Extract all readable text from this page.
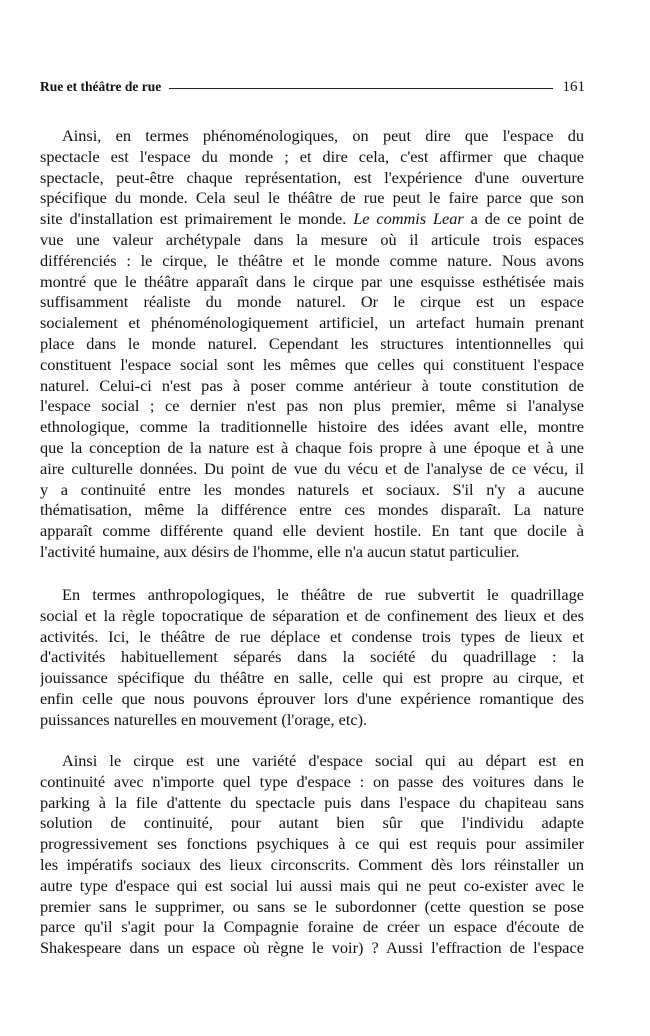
Rue et théâtre de rue	161
Ainsi, en termes phénoménologiques, on peut dire que l'espace du
spectacle est l'espace du monde ; et dire cela, c'est affirmer que chaque
spectacle, peut-être chaque représentation, est l'expérience d'une ouverture
spécifique du monde. Cela seul le théâtre de rue peut le faire parce que son
site d'installation est primairement le monde. Le commis Lear a de ce point de
vue une valeur archétypale dans la mesure où il articule trois espaces
différenciés : le cirque, le théâtre et le monde comme nature. Nous avons
montré que le théâtre apparaît dans le cirque par une esquisse esthétisée mais
suffisamment réaliste du monde naturel. Or le cirque est un espace
socialement et phénoménologiquement artificiel, un artefact humain prenant
place dans le monde naturel. Cependant les structures intentionnelles qui
constituent l'espace social sont les mêmes que celles qui constituent l'espace
naturel. Celui-ci n'est pas à poser comme antérieur à toute constitution de
l'espace social ; ce dernier n'est pas non plus premier, même si l'analyse
ethnologique, comme la traditionnelle histoire des idées avant elle, montre
que la conception de la nature est à chaque fois propre à une époque et à une
aire culturelle données. Du point de vue du vécu et de l'analyse de ce vécu, il
y a continuité entre les mondes naturels et sociaux. S'il n'y a aucune
thématisation, même la différence entre ces mondes disparaît. La nature
apparaît comme différente quand elle devient hostile. En tant que docile à
l'activité humaine, aux désirs de l'homme, elle n'a aucun statut particulier.
En termes anthropologiques, le théâtre de rue subvertit le quadrillage
social et la règle topocratique de séparation et de confinement des lieux et des
activités. Ici, le théâtre de rue déplace et condense trois types de lieux et
d'activités habituellement séparés dans la société du quadrillage : la
jouissance spécifique du théâtre en salle, celle qui est propre au cirque, et
enfin celle que nous pouvons éprouver lors d'une expérience romantique des
puissances naturelles en mouvement (l'orage, etc).
Ainsi le cirque est une variété d'espace social qui au départ est en
continuité avec n'importe quel type d'espace : on passe des voitures dans le
parking à la file d'attente du spectacle puis dans l'espace du chapiteau sans
solution de continuité, pour autant bien sûr que l'individu adapte
progressivement ses fonctions psychiques à ce qui est requis pour assimiler
les impératifs sociaux des lieux circonscrits. Comment dès lors réinstaller un
autre type d'espace qui est social lui aussi mais qui ne peut co-exister avec le
premier sans le supprimer, ou sans se le subordonner (cette question se pose
parce qu'il s'agit pour la Compagnie foraine de créer un espace d'écoute de
Shakespeare dans un espace où règne le voir) ? Aussi l'effraction de l'espace
